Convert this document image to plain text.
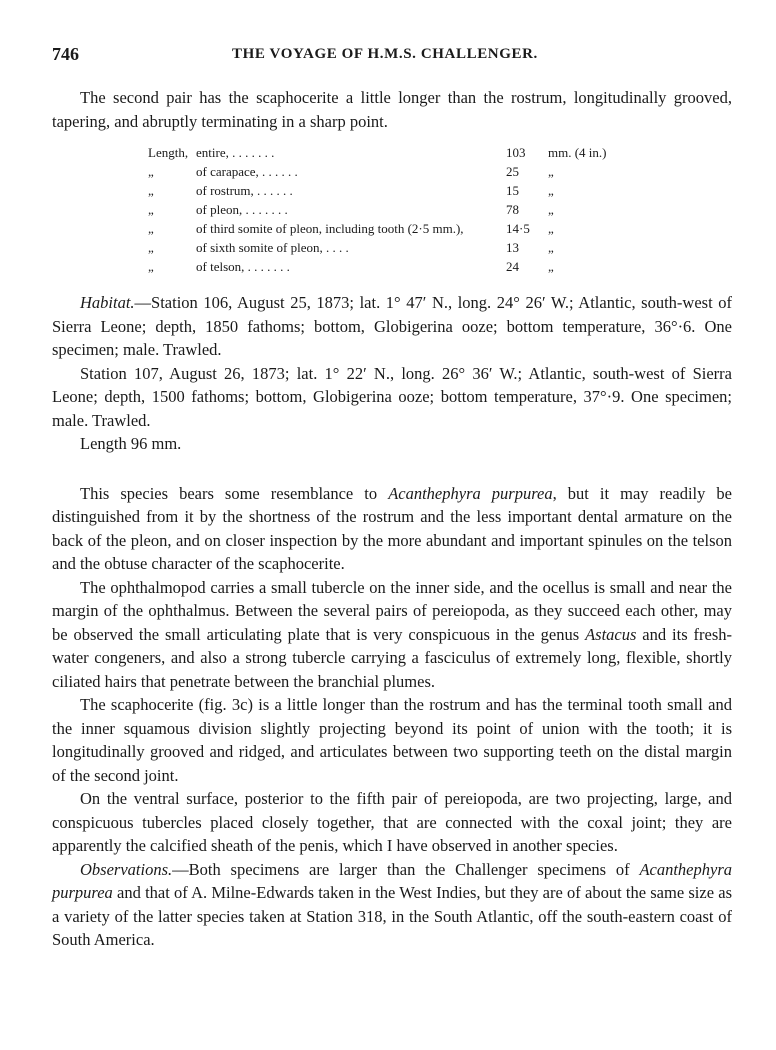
746	THE VOYAGE OF H.M.S. CHALLENGER.

The second pair has the scaphocerite a little longer than the rostrum, longitudinally grooved, tapering, and abruptly terminating in a sharp point.

Length,	entire, . . . . . . .	103	mm. (4 in.)
„	of carapace, . . . . . .	25	„
„	of rostrum, . . . . . .	15	„
„	of pleon, . . . . . . .	78	„
„	of third somite of pleon, including tooth (2·5 mm.),	14·5	„
„	of sixth somite of pleon, . . . .	13	„
„	of telson, . . . . . . .	24	„

Habitat.—Station 106, August 25, 1873; lat. 1° 47′ N., long. 24° 26′ W.; Atlantic, south-west of Sierra Leone; depth, 1850 fathoms; bottom, Globigerina ooze; bottom temperature, 36°·6. One specimen; male. Trawled.

Station 107, August 26, 1873; lat. 1° 22′ N., long. 26° 36′ W.; Atlantic, south-west of Sierra Leone; depth, 1500 fathoms; bottom, Globigerina ooze; bottom temperature, 37°·9. One specimen; male. Trawled.

Length 96 mm.

This species bears some resemblance to Acanthephyra purpurea, but it may readily be distinguished from it by the shortness of the rostrum and the less important dental armature on the back of the pleon, and on closer inspection by the more abundant and important spinules on the telson and the obtuse character of the scaphocerite.

The ophthalmopod carries a small tubercle on the inner side, and the ocellus is small and near the margin of the ophthalmus. Between the several pairs of pereiopoda, as they succeed each other, may be observed the small articulating plate that is very conspicuous in the genus Astacus and its fresh-water congeners, and also a strong tubercle carrying a fasciculus of extremely long, flexible, shortly ciliated hairs that penetrate between the branchial plumes.

The scaphocerite (fig. 3c) is a little longer than the rostrum and has the terminal tooth small and the inner squamous division slightly projecting beyond its point of union with the tooth; it is longitudinally grooved and ridged, and articulates between two supporting teeth on the distal margin of the second joint.

On the ventral surface, posterior to the fifth pair of pereiopoda, are two projecting, large, and conspicuous tubercles placed closely together, that are connected with the coxal joint; they are apparently the calcified sheath of the penis, which I have observed in another species.

Observations.—Both specimens are larger than the Challenger specimens of Acanthephyra purpurea and that of A. Milne-Edwards taken in the West Indies, but they are of about the same size as a variety of the latter species taken at Station 318, in the South Atlantic, off the south-eastern coast of South America.
